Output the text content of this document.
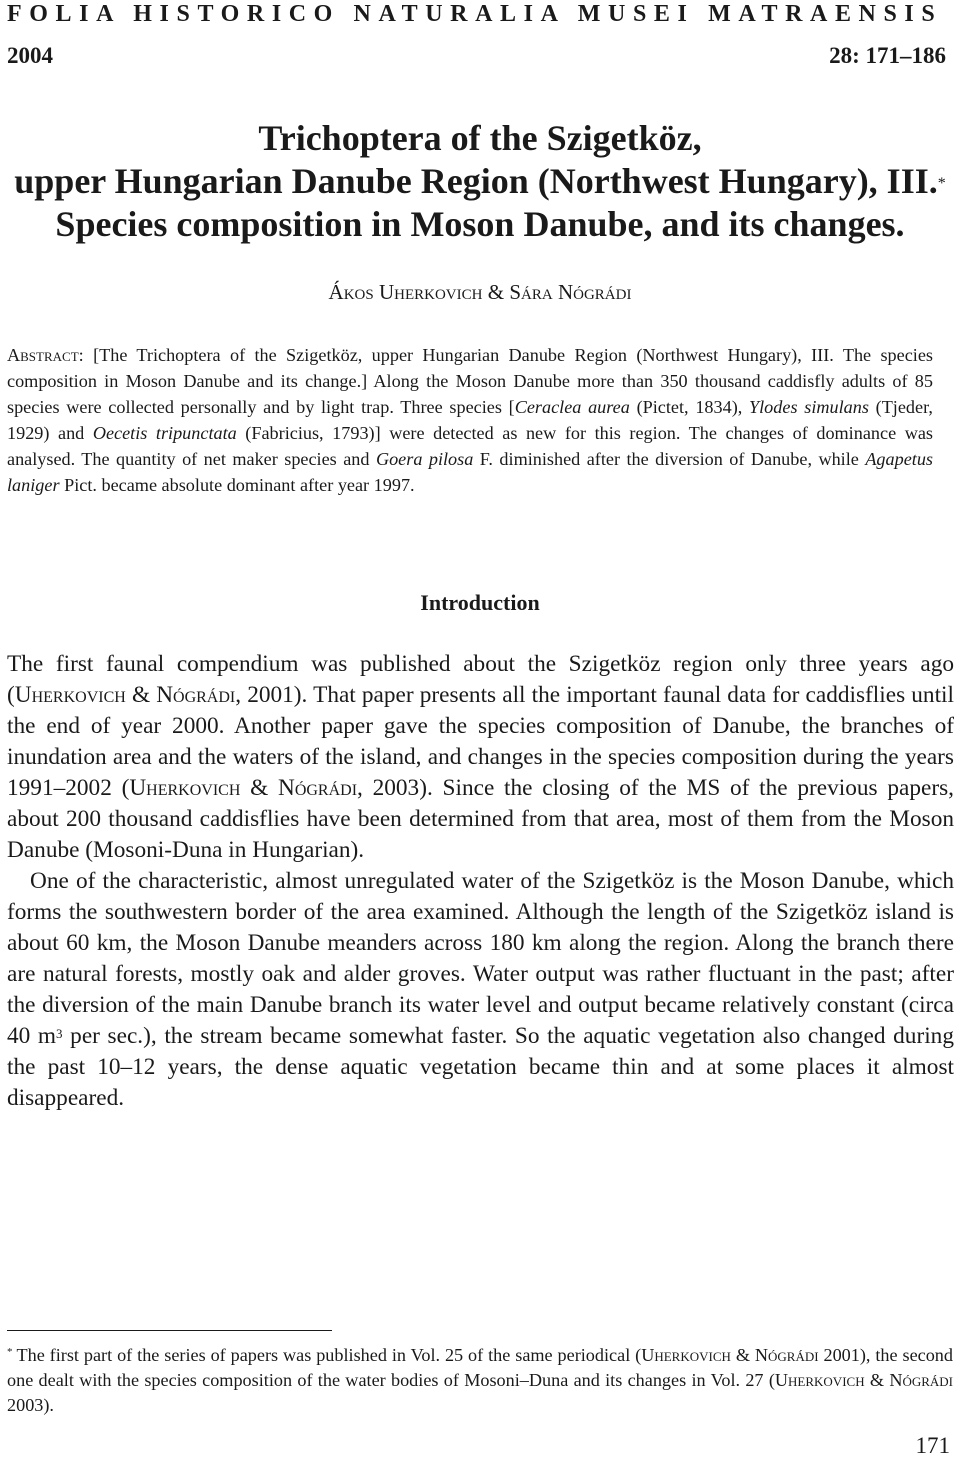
FOLIA HISTORICO NATURALIA MUSEI MATRAENSIS
2004	28: 171–186
Trichoptera of the Szigetköz,
upper Hungarian Danube Region (Northwest Hungary), III.*
Species composition in Moson Danube, and its changes.
Ákos Uherkovich & Sára Nógrádi

Abstract: [The Trichoptera of the Szigetköz, upper Hungarian Danube Region (Northwest Hungary), III. The species composition in Moson Danube and its change.] Along the Moson Danube more than 350 thousand caddisfly adults of 85 species were collected personally and by light trap. Three species [Ceraclea aurea (Pictet, 1834), Ylodes simulans (Tjeder, 1929) and Oecetis tripunctata (Fabricius, 1793)] were detected as new for this region. The changes of dominance was analysed. The quantity of net maker species and Goera pilosa F. diminished after the diversion of Danube, while Agapetus laniger Pict. became absolute dominant after year 1997.

Introduction

The first faunal compendium was published about the Szigetköz region only three years ago (Uherkovich & Nógrádi, 2001). That paper presents all the important faunal data for caddisflies until the end of year 2000. Another paper gave the species composition of Danube, the branches of inundation area and the waters of the island, and changes in the species composition during the years 1991–2002 (Uherkovich & Nógrádi, 2003). Since the closing of the MS of the previous papers, about 200 thousand caddisflies have been determined from that area, most of them from the Moson Danube (Mosoni-Duna in Hungarian).

One of the characteristic, almost unregulated water of the Szigetköz is the Moson Danube, which forms the southwestern border of the area examined. Although the length of the Szigetköz island is about 60 km, the Moson Danube meanders across 180 km along the region. Along the branch there are natural forests, mostly oak and alder groves. Water output was rather fluctuant in the past; after the diversion of the main Danube branch its water level and output became relatively constant (circa 40 $m^3$ per sec.), the stream became somewhat faster. So the aquatic vegetation also changed during the past 10–12 years, the dense aquatic vegetation became thin and at some places it almost disappeared.

* The first part of the series of papers was published in Vol. 25 of the same periodical (Uherkovich & Nógrádi 2001), the second one dealt with the species composition of the water bodies of Mosoni–Duna and its changes in Vol. 27 (Uherkovich & Nógrádi 2003).

171
